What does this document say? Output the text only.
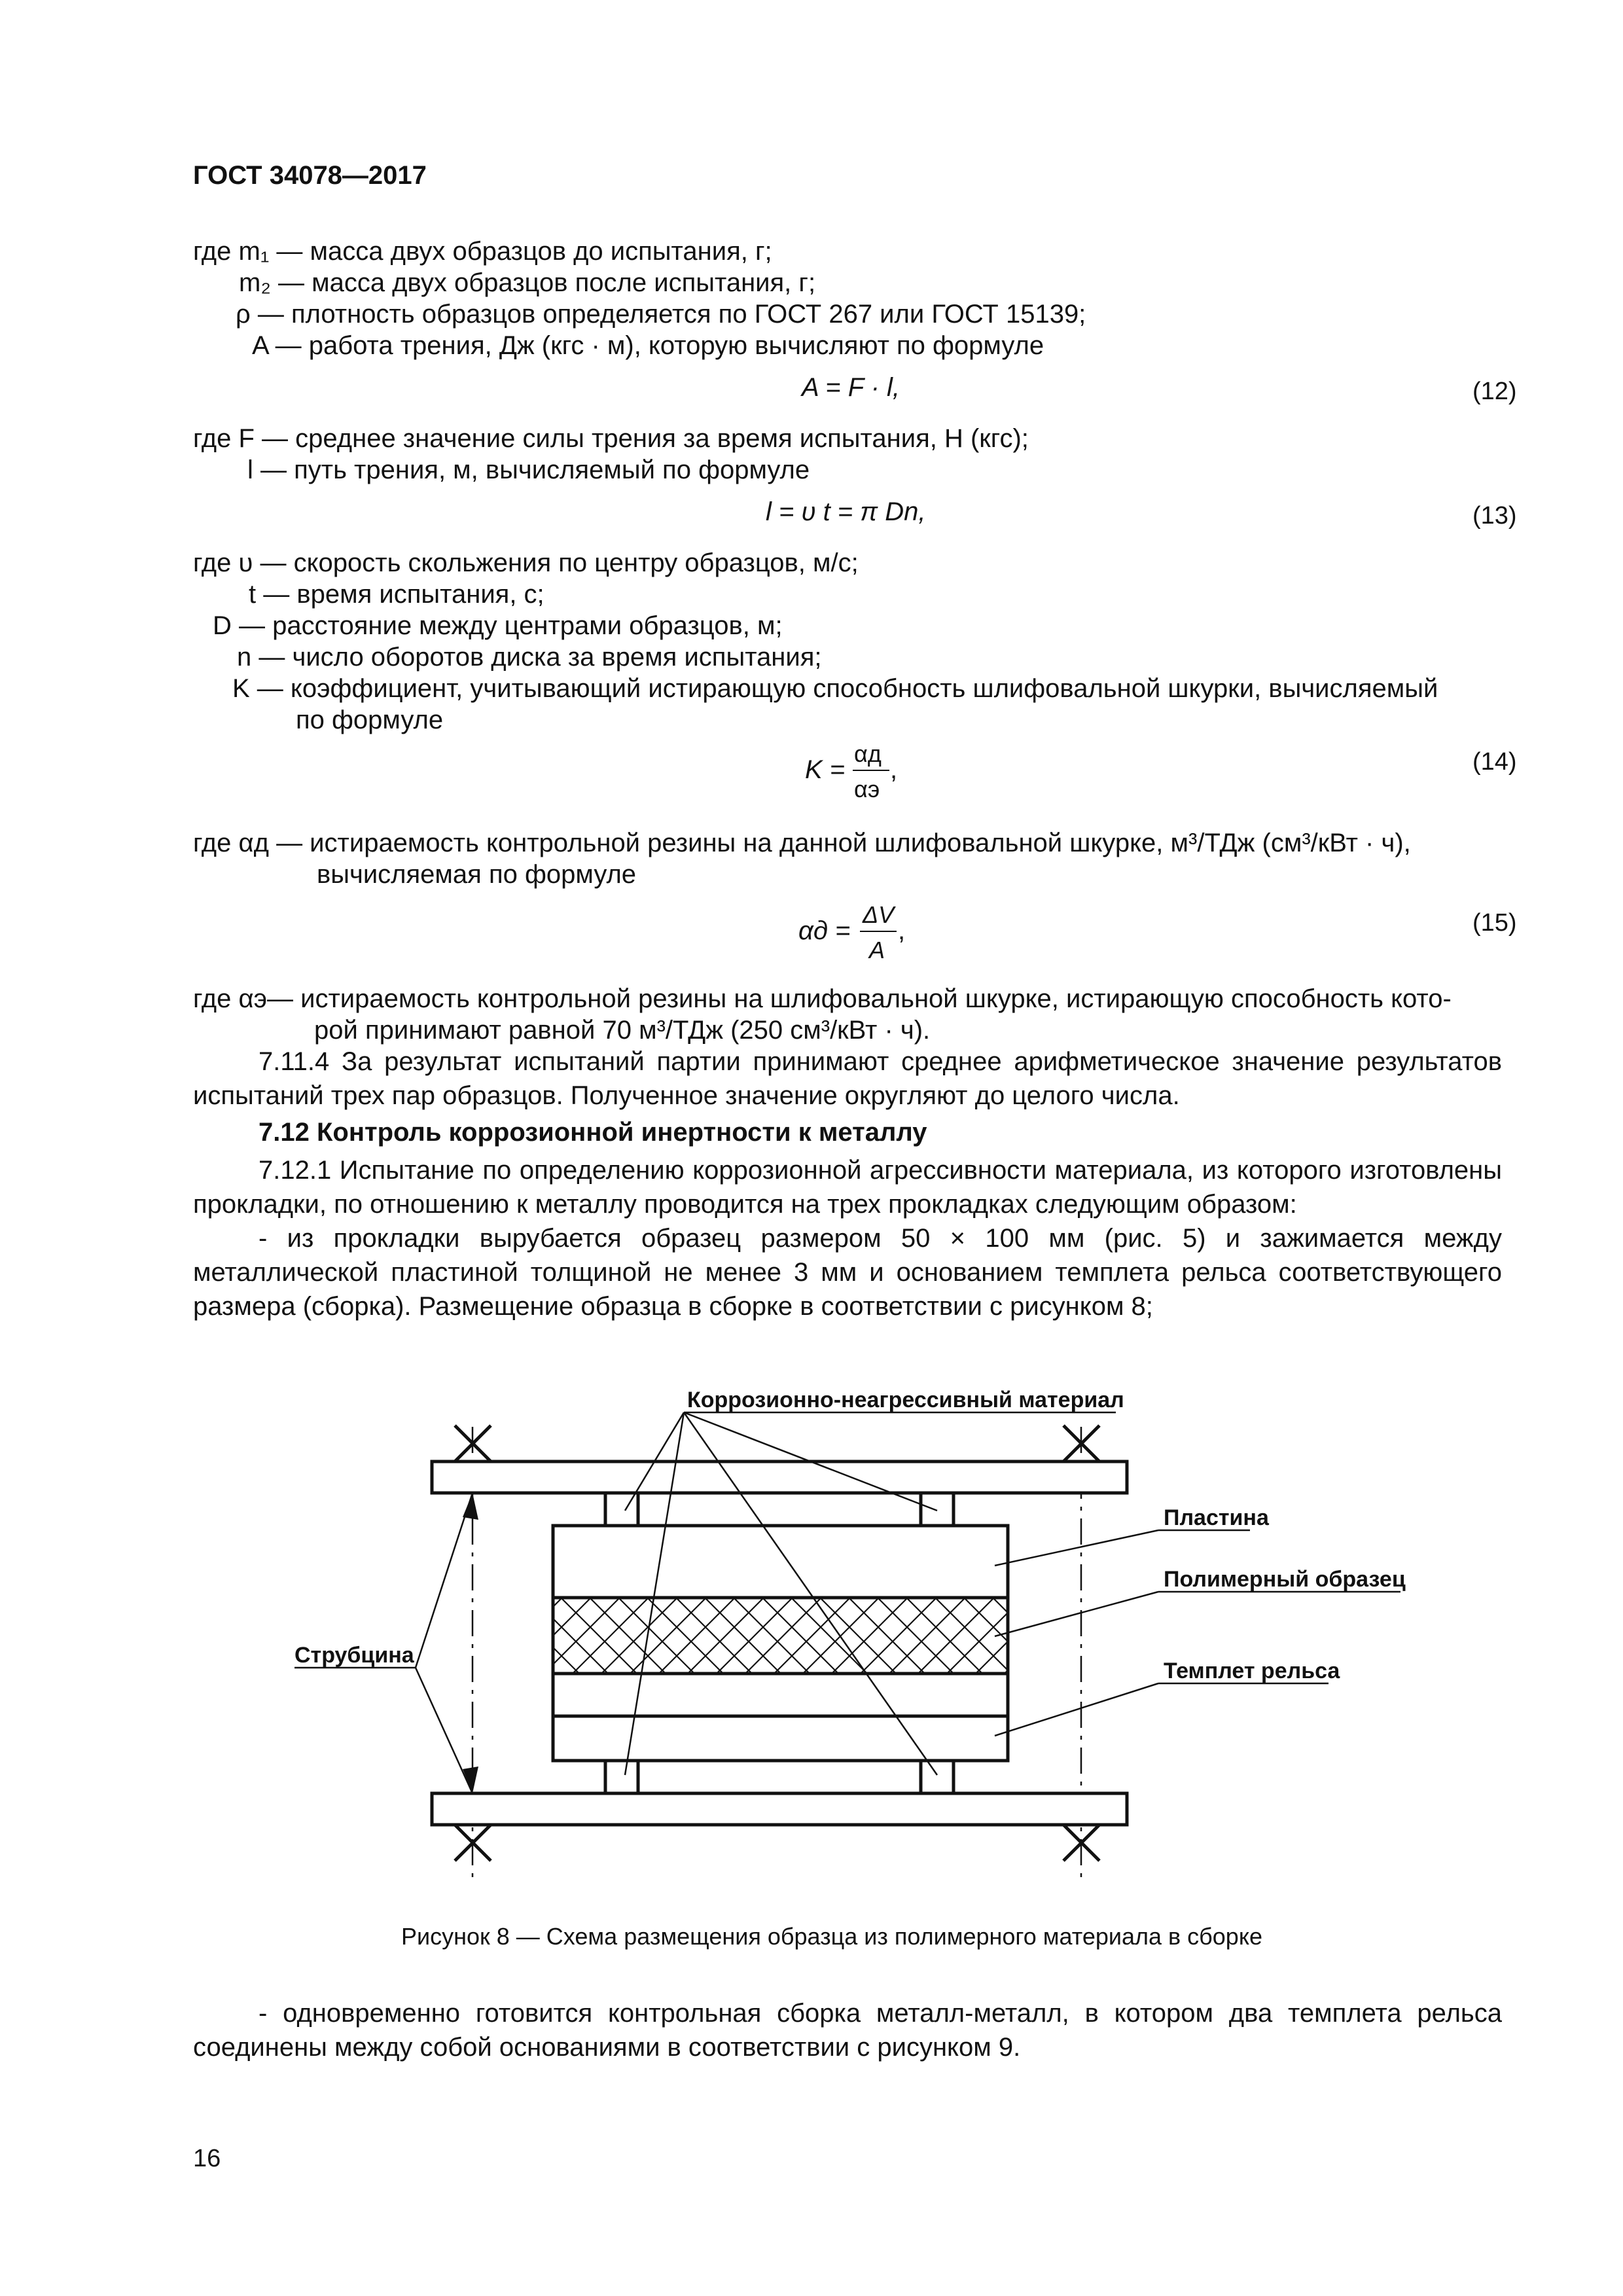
ГОСТ 34078—2017
где m₁ — масса двух образцов до испытания, г;
m₂ — масса двух образцов после испытания, г;
ρ — плотность образцов определяется по ГОСТ 267 или ГОСТ 15139;
A — работа трения, Дж (кгс · м), которую вычисляют по формуле
A = F · l,	(12)
где F — среднее значение силы трения за время испытания, Н (кгс);
l — путь трения, м, вычисляемый по формуле
l = υ t = π Dn,	(13)
где υ — скорость скольжения по центру образцов, м/с;
t — время испытания, с;
D — расстояние между центрами образцов, м;
n — число оборотов диска за время испытания;
K — коэффициент, учитывающий истирающую способность шлифовальной шкурки, вычисляемый
по формуле
K =
αд
αэ
,	(14)
где αд — истираемость контрольной резины на данной шлифовальной шкурке, м³/ТДж (см³/кВт · ч),
вычисляемая по формуле
αд =
ΔV
A
,	(15)
где αэ— истираемость контрольной резины на шлифовальной шкурке, истирающую способность кото-
рой принимают равной 70 м³/ТДж (250 см³/кВт · ч).
7.11.4 За результат испытаний партии принимают среднее арифметическое значение результатов испытаний трех пар образцов. Полученное значение округляют до целого числа.
7.12 Контроль коррозионной инертности к металлу
7.12.1 Испытание по определению коррозионной агрессивности материала, из которого изготовлены прокладки, по отношению к металлу проводится на трех прокладках следующим образом:
- из прокладки вырубается образец размером 50 × 100 мм (рис. 5) и зажимается между металлической пластиной толщиной не менее 3 мм и основанием темплета рельса соответствующего размера (сборка). Размещение образца в сборке в соответствии с рисунком 8;
Коррозионно-неагрессивный материал
Пластина
Полимерный образец
Темплет рельса
Струбцина
Рисунок 8 — Схема размещения образца из полимерного материала в сборке
- одновременно готовится контрольная сборка металл-металл, в котором два темплета рельса соединены между собой основаниями в соответствии с рисунком 9.
16
